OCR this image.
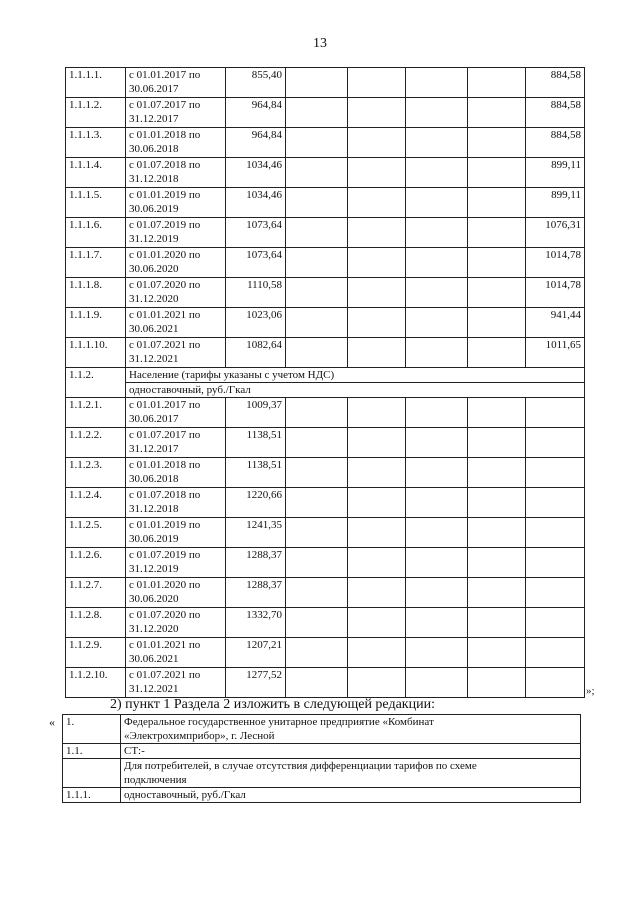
13
1.1.1.1.	с 01.01.2017 по
30.06.2017	855,40					884,58
1.1.1.2.	с 01.07.2017 по
31.12.2017	964,84					884,58
1.1.1.3.	с 01.01.2018 по
30.06.2018	964,84					884,58
1.1.1.4.	с 01.07.2018 по
31.12.2018	1034,46					899,11
1.1.1.5.	с 01.01.2019 по
30.06.2019	1034,46					899,11
1.1.1.6.	с 01.07.2019 по
31.12.2019	1073,64					1076,31
1.1.1.7.	с 01.01.2020 по
30.06.2020	1073,64					1014,78
1.1.1.8.	с 01.07.2020 по
31.12.2020	1110,58					1014,78
1.1.1.9.	с 01.01.2021 по
30.06.2021	1023,06					941,44
1.1.1.10.	с 01.07.2021 по
31.12.2021	1082,64					1011,65
1.1.2.	Население (тарифы указаны с учетом НДС)						
	одноставочный, руб./Гкал						
1.1.2.1.	с 01.01.2017 по
30.06.2017	1009,37					
1.1.2.2.	с 01.07.2017 по
31.12.2017	1138,51					
1.1.2.3.	с 01.01.2018 по
30.06.2018	1138,51					
1.1.2.4.	с 01.07.2018 по
31.12.2018	1220,66					
1.1.2.5.	с 01.01.2019 по
30.06.2019	1241,35					
1.1.2.6.	с 01.07.2019 по
31.12.2019	1288,37					
1.1.2.7.	с 01.01.2020 по
30.06.2020	1288,37					
1.1.2.8.	с 01.07.2020 по
31.12.2020	1332,70					
1.1.2.9.	с 01.01.2021 по
30.06.2021	1207,21					
1.1.2.10.	с 01.07.2021 по
31.12.2021	1277,52					
»;
2) пункт 1 Раздела 2 изложить в следующей редакции:
« 1.	Федеральное государственное унитарное предприятие «Комбинат
«Электрохимприбор», г. Лесной
1.1.	СТ:-
	Для потребителей, в случае отсутствия дифференциации тарифов по схеме
подключения
1.1.1.	одноставочный, руб./Гкал
